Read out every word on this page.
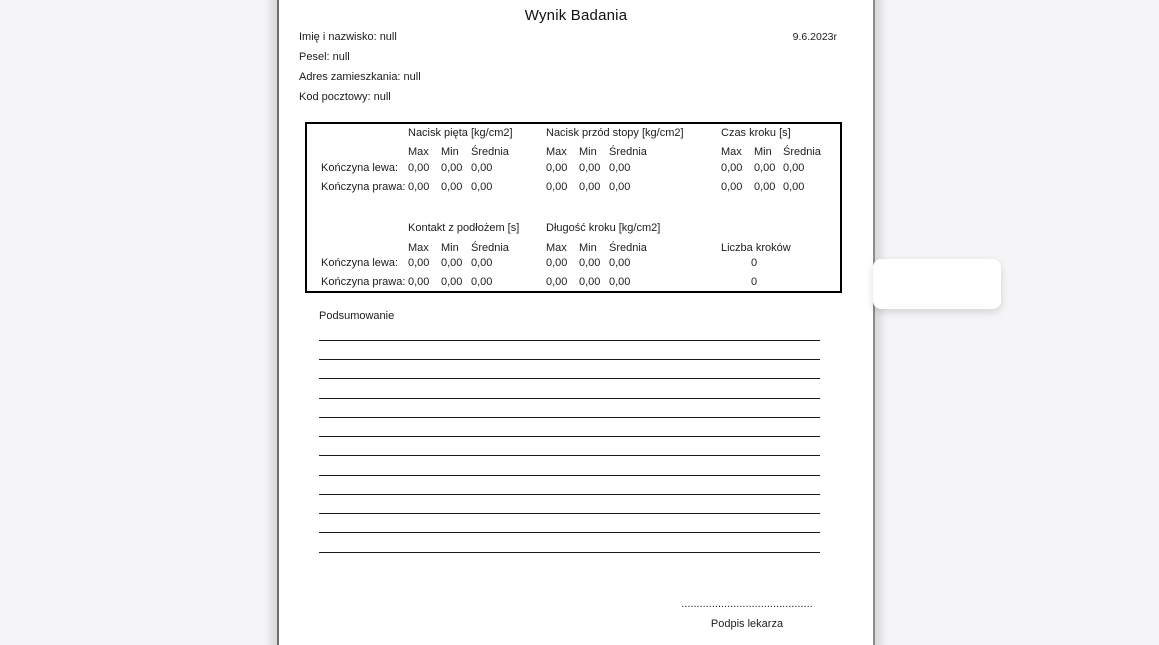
Wynik Badania
9.6.2023r
Imię i nazwisko: null
Pesel: null
Adres zamieszkania: null
Kod pocztowy: null
Nacisk pięta [kg/cm2]	Nacisk przód stopy [kg/cm2]	Czas kroku [s]
Max Min Średnia	Max Min Średnia	Max Min Średnia
Kończyna lewa: 0,00 0,00 0,00	0,00 0,00 0,00	0,00 0,00 0,00
Kończyna prawa: 0,00 0,00 0,00	0,00 0,00 0,00	0,00 0,00 0,00
Kontakt z podłożem [s] Długość kroku [kg/cm2]
Max Min Średnia	Max Min Średnia	Liczba kroków
Kończyna lewa: 0,00 0,00 0,00	0,00 0,00 0,00	0
Kończyna prawa: 0,00 0,00 0,00	0,00 0,00 0,00	0
Podsumowanie
...........................................
Podpis lekarza
